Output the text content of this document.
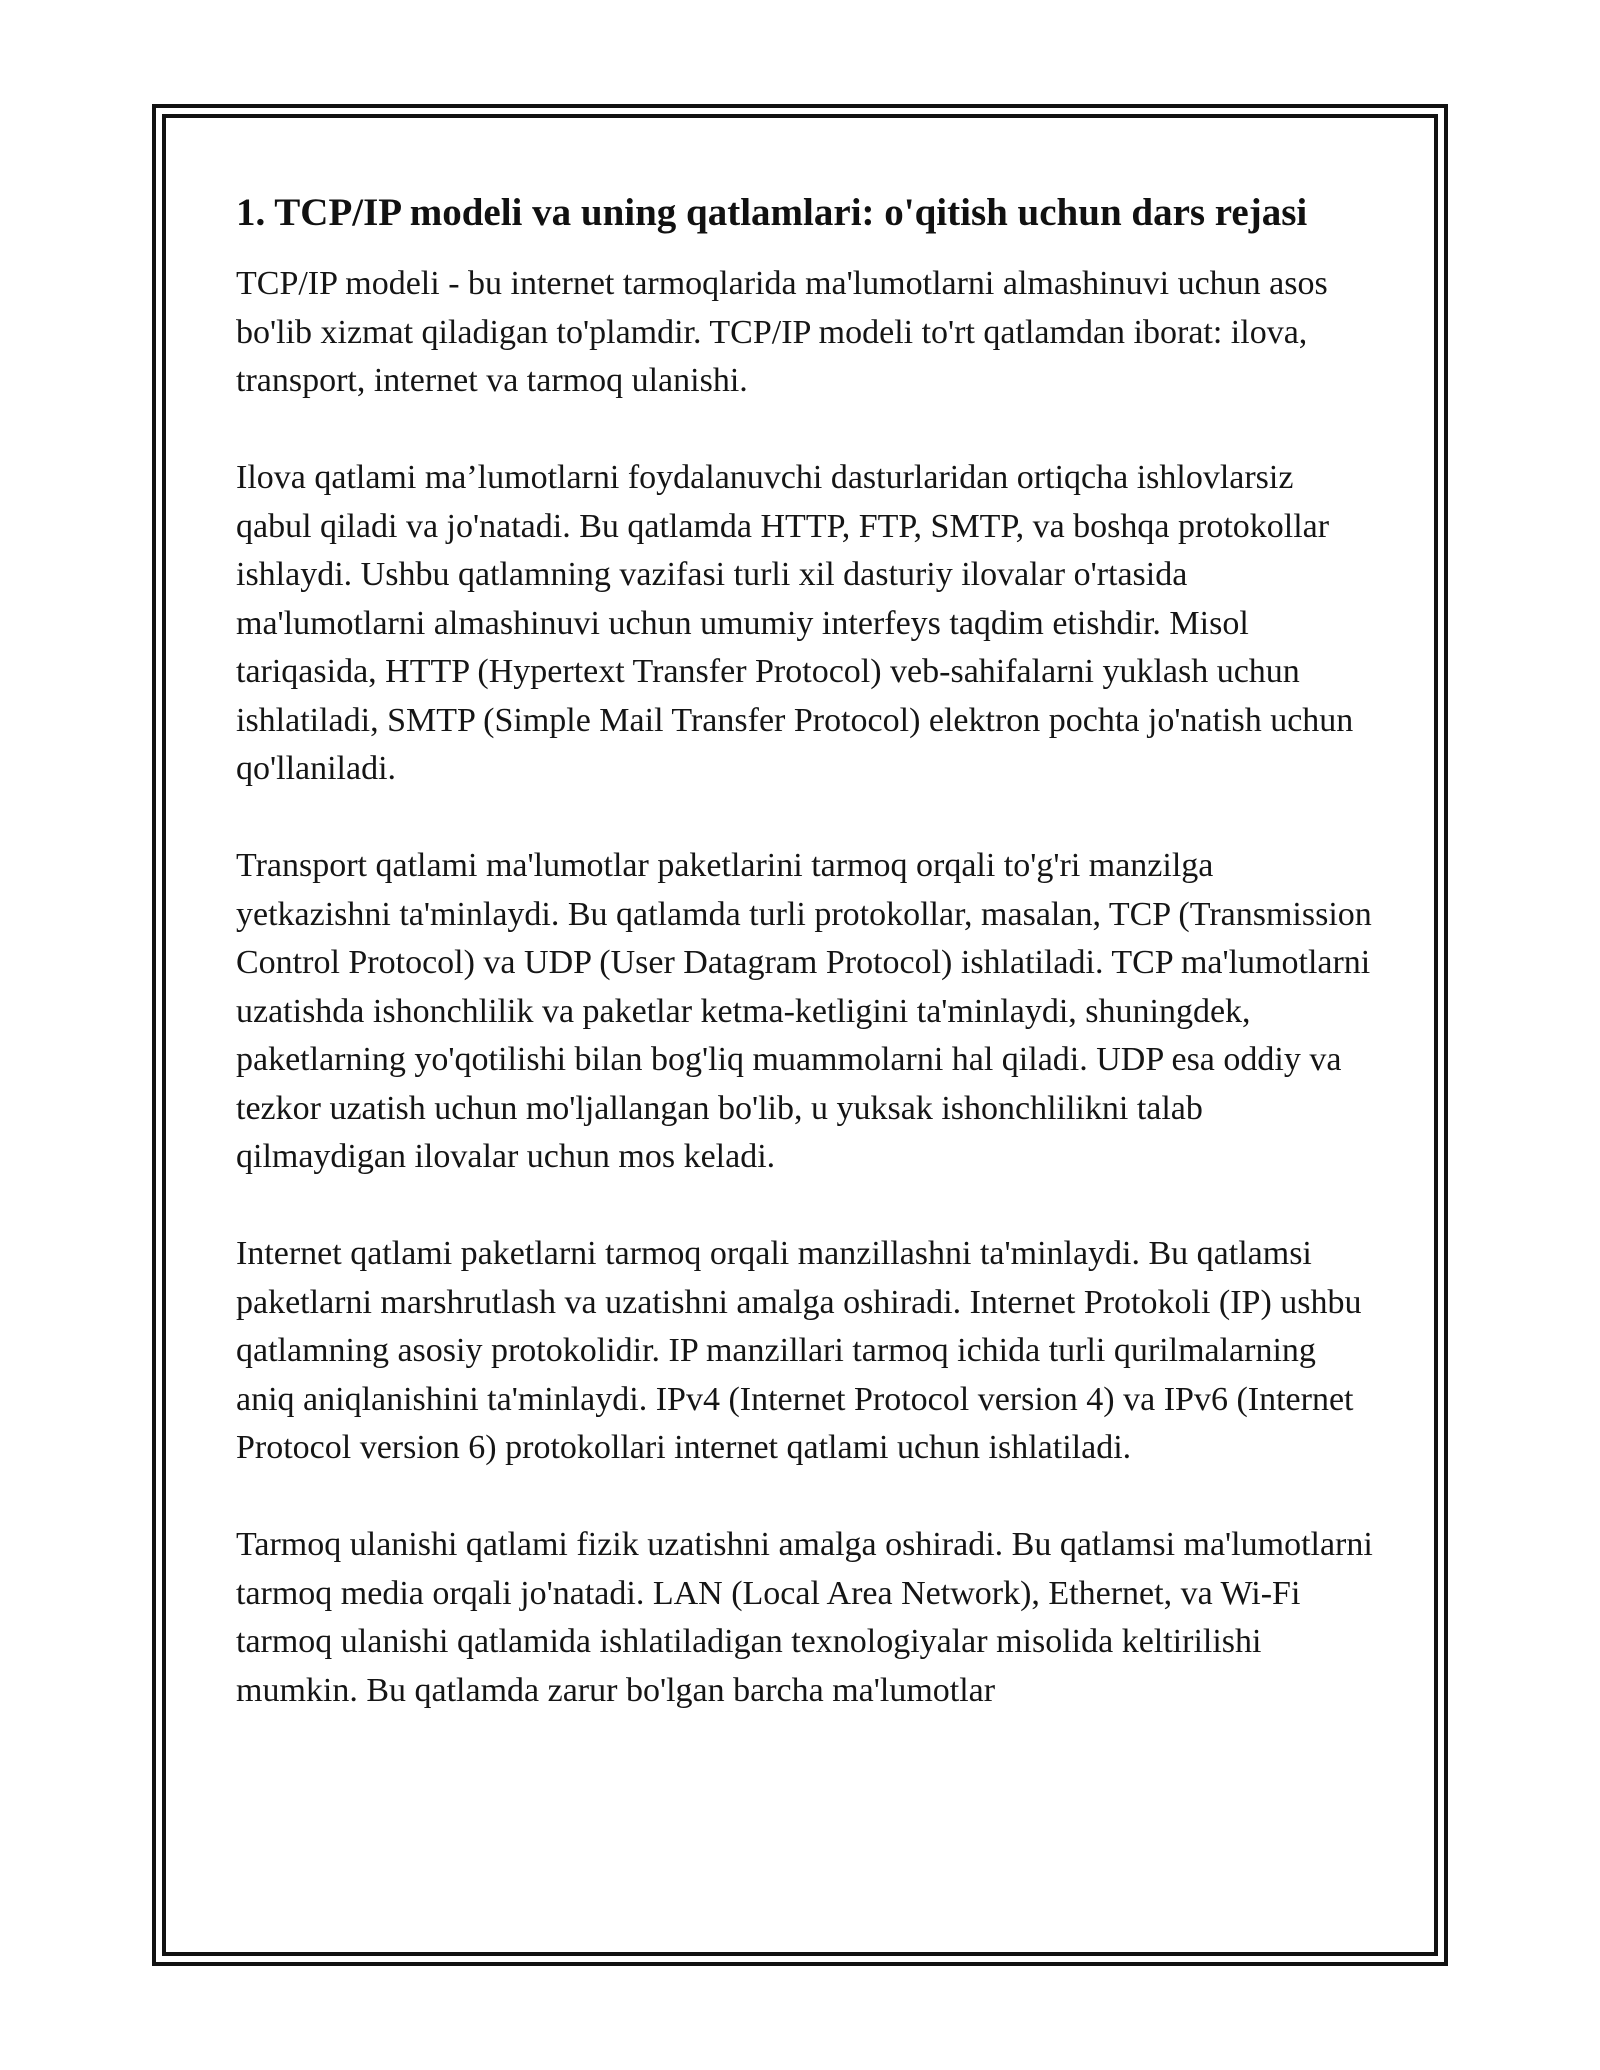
1. TCP/IP modeli va uning qatlamlari: o'qitish uchun dars rejasi

TCP/IP modeli - bu internet tarmoqlarida ma'lumotlarni almashinuvi uchun asos bo'lib xizmat qiladigan to'plamdir. TCP/IP modeli to'rt qatlamdan iborat: ilova, transport, internet va tarmoq ulanishi.

Ilova qatlami ma’lumotlarni foydalanuvchi dasturlaridan ortiqcha ishlovlarsiz qabul qiladi va jo'natadi. Bu qatlamda HTTP, FTP, SMTP, va boshqa protokollar ishlaydi. Ushbu qatlamning vazifasi turli xil dasturiy ilovalar o'rtasida ma'lumotlarni almashinuvi uchun umumiy interfeys taqdim etishdir. Misol tariqasida, HTTP (Hypertext Transfer Protocol) veb-sahifalarni yuklash uchun ishlatiladi, SMTP (Simple Mail Transfer Protocol) elektron pochta jo'natish uchun qo'llaniladi.

Transport qatlami ma'lumotlar paketlarini tarmoq orqali to'g'ri manzilga yetkazishni ta'minlaydi. Bu qatlamda turli protokollar, masalan, TCP (Transmission Control Protocol) va UDP (User Datagram Protocol) ishlatiladi. TCP ma'lumotlarni uzatishda ishonchlilik va paketlar ketma-ketligini ta'minlaydi, shuningdek, paketlarning yo'qotilishi bilan bog'liq muammolarni hal qiladi. UDP esa oddiy va tezkor uzatish uchun mo'ljallangan bo'lib, u yuksak ishonchlilikni talab qilmaydigan ilovalar uchun mos keladi.

Internet qatlami paketlarni tarmoq orqali manzillashni ta'minlaydi. Bu qatlamsi paketlarni marshrutlash va uzatishni amalga oshiradi. Internet Protokoli (IP) ushbu qatlamning asosiy protokolidir. IP manzillari tarmoq ichida turli qurilmalarning aniq aniqlanishini ta'minlaydi. IPv4 (Internet Protocol version 4) va IPv6 (Internet Protocol version 6) protokollari internet qatlami uchun ishlatiladi.

Tarmoq ulanishi qatlami fizik uzatishni amalga oshiradi. Bu qatlamsi ma'lumotlarni tarmoq media orqali jo'natadi. LAN (Local Area Network), Ethernet, va Wi-Fi tarmoq ulanishi qatlamida ishlatiladigan texnologiyalar misolida keltirilishi mumkin. Bu qatlamda zarur bo'lgan barcha ma'lumotlar
